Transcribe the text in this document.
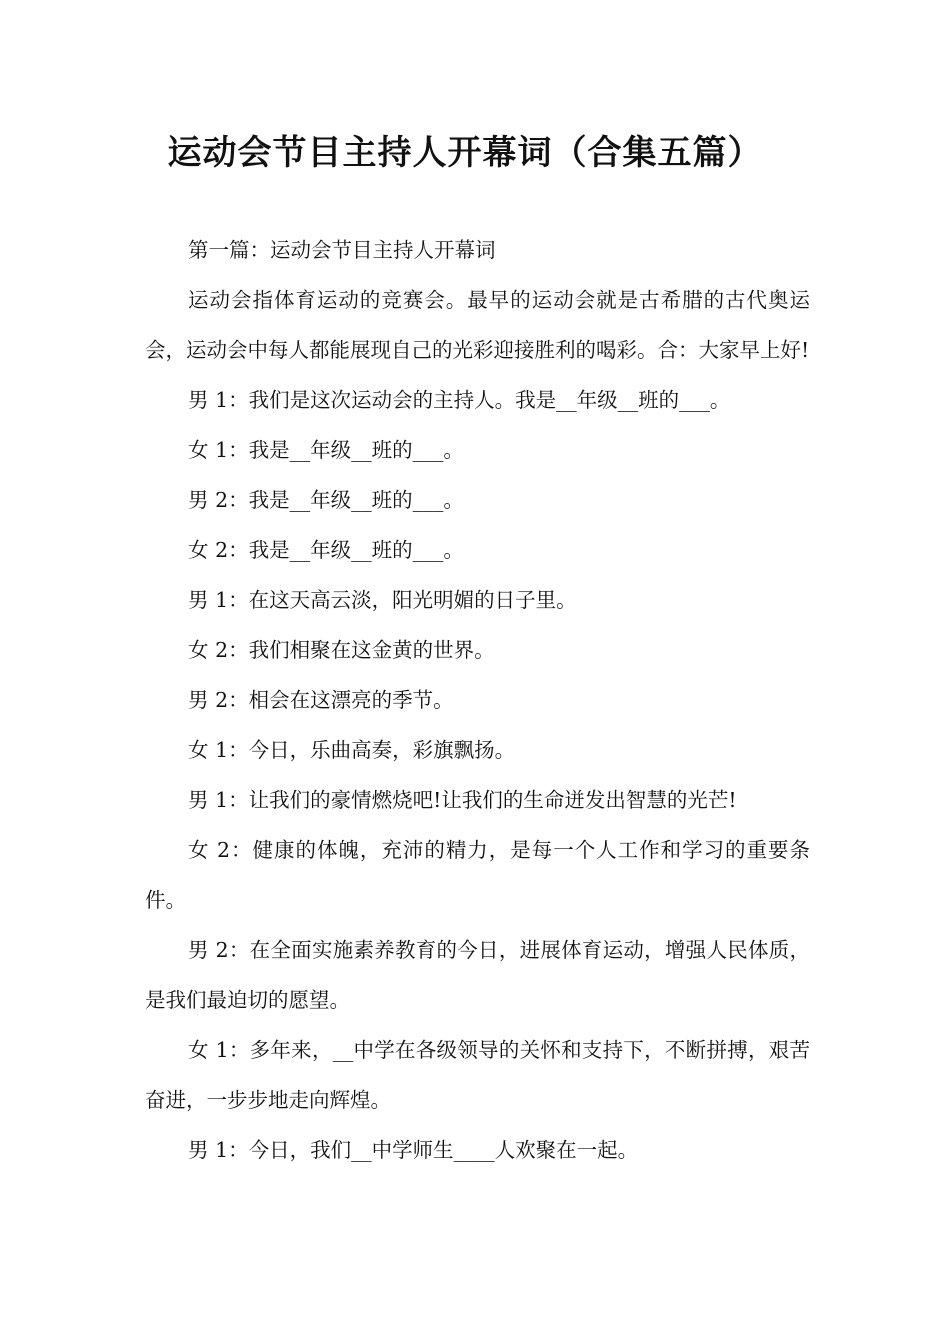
运动会节目主持人开幕词（合集五篇）

第一篇：运动会节目主持人开幕词

运动会指体育运动的竞赛会。最早的运动会就是古希腊的古代奥运会，运动会中每人都能展现自己的光彩迎接胜利的喝彩。合：大家早上好!

男 1：我们是这次运动会的主持人。我是__年级__班的___。

女 1：我是__年级__班的___。

男 2：我是__年级__班的___。

女 2：我是__年级__班的___。

男 1：在这天高云淡，阳光明媚的日子里。

女 2：我们相聚在这金黄的世界。

男 2：相会在这漂亮的季节。

女 1：今日，乐曲高奏，彩旗飘扬。

男 1：让我们的豪情燃烧吧!让我们的生命迸发出智慧的光芒!

女 2：健康的体魄，充沛的精力，是每一个人工作和学习的重要条件。

男 2：在全面实施素养教育的今日，进展体育运动，增强人民体质，是我们最迫切的愿望。

女 1：多年来，__中学在各级领导的关怀和支持下，不断拼搏，艰苦奋进，一步步地走向辉煌。

男 1：今日，我们__中学师生____人欢聚在一起。
